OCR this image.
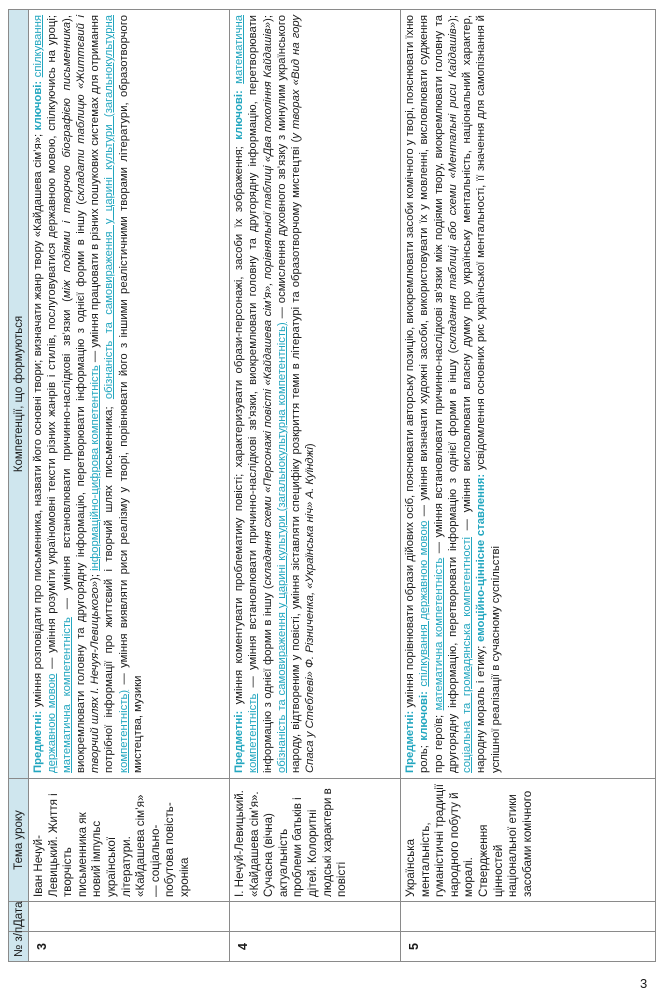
№ з/п	Дата	Тема уроку	Компетенції, що формуються
3		Іван Нечуй-Левицький. Життя і творчість письменника як новий імпульс української літератури. «Кайдашева сім’я» — соціально-побутова повість-хроніка	Предметні: уміння розповідати про письменника, назвати його основні твори; визначати жанр твору «Кайдашева сім’я»; ключові: спілкування державною мовою — уміння розуміти україномовні тексти різних жанрів і стилів, послуговуватися державною мовою, спілкуючись на уроці; математична компетентність — уміння встановлювати причинно-наслідкові зв’язки (між подіями і творчою біографією письменника), виокремлювати головну та другорядну інформацію, перетворювати інформацію з однієї форми в іншу (складати таблицю «Життєвий і творчий шлях І. Нечуя-Левицького»); інформаційно-цифрова компетентність — уміння працювати в різних пошукових системах для отримання потрібної інформації про життєвий і творчий шлях письменника; обізнаність та самовираження у царині культури (загальнокультурна компетентність) — уміння виявляти риси реалізму у творі, порівнювати його з іншими реалістичними творами літератури, образотворчого мистецтва, музики
4		І. Нечуй-Левицький. «Кайдашева сім’я». Сучасна (вічна) актуальність проблеми батьків і дітей. Колоритні людські характери в повісті	Предметні: уміння коментувати проблематику повісті; характеризувати образи-персонажі, засоби їх зображення; ключові: математична компетентність — уміння встановлювати причинно-наслідкові зв’язки, виокремлювати головну та другорядну інформацію, перетворювати інформацію з однієї форми в іншу (складання схеми «Персонажі повісті «Кайдашева сім’я», порівняльної таблиці «Два покоління Кайдашів»); обізнаність та самовираження у царині культури (загальнокультурна компетентність) — осмислення духовного зв’язку з минулим українського народу, відтвореним у повісті, уміння зіставляти специфіку розкриття теми в літературі та образотворчому мистецтві (у творах «Вид на гору Спаса у Стеблеві» Ф. Різниченка, «Українська ніч» А. Куїнджі)
5		Українська ментальність, гуманістичні традиції народного побуту й моралі. Ствердження цінностей національної етики засобами комічного	Предметні: уміння порівнювати образи дійових осіб, пояснювати авторську позицію, виокремлювати засоби комічного у творі, пояснювати їхню роль; ключові: спілкування державною мовою — уміння визначати художні засоби, використовувати їх у мовленні, висловлювати судження про героїв; математична компетентність — уміння встановлювати причинно-наслідкові зв’язки між подіями твору, виокремлювати головну та другорядну інформацію, перетворювати інформацію з однієї форми в іншу (складання таблиці або схеми «Ментальні риси Кайдашів»); соціальна та громадянська компетентності — уміння висловлювати власну думку про українську ментальність, національний характер, народну мораль і етику; емоційно-ціннісне ставлення: усвідомлення основних рис української ментальності, її значення для самопізнання й успішної реалізації в сучасному суспільстві
3
